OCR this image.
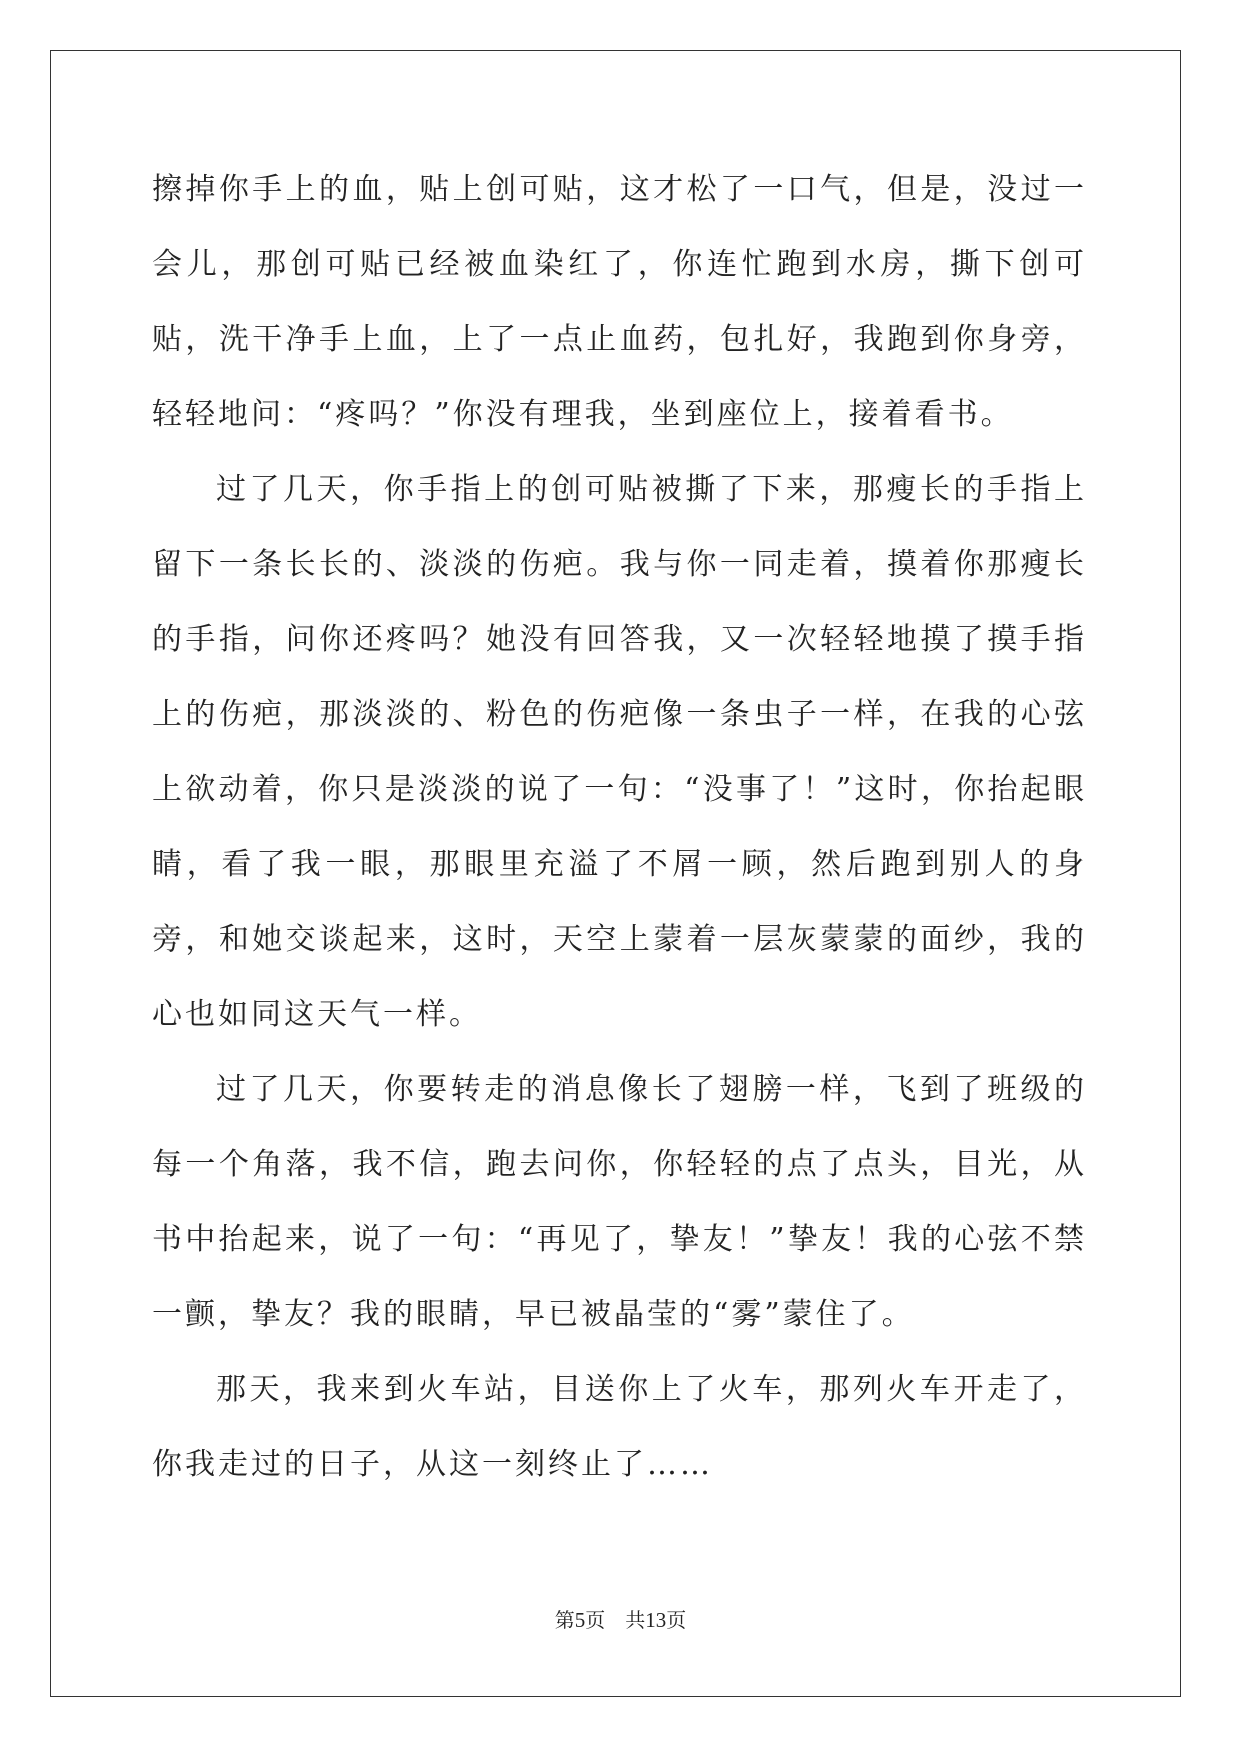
擦掉你手上的血，贴上创可贴，这才松了一口气，但是，没过一会儿，那创可贴已经被血染红了，你连忙跑到水房，撕下创可贴，洗干净手上血，上了一点止血药，包扎好，我跑到你身旁，轻轻地问：“疼吗？”你没有理我，坐到座位上，接着看书。

过了几天，你手指上的创可贴被撕了下来，那瘦长的手指上留下一条长长的、淡淡的伤疤。我与你一同走着，摸着你那瘦长的手指，问你还疼吗？她没有回答我，又一次轻轻地摸了摸手指上的伤疤，那淡淡的、粉色的伤疤像一条虫子一样，在我的心弦上欲动着，你只是淡淡的说了一句：“没事了！”这时，你抬起眼睛，看了我一眼，那眼里充溢了不屑一顾，然后跑到别人的身旁，和她交谈起来，这时，天空上蒙着一层灰蒙蒙的面纱，我的心也如同这天气一样。

过了几天，你要转走的消息像长了翅膀一样，飞到了班级的每一个角落，我不信，跑去问你，你轻轻的点了点头，目光，从书中抬起来，说了一句：“再见了，挚友！”挚友！我的心弦不禁一颤，挚友？我的眼睛，早已被晶莹的“雾”蒙住了。

那天，我来到火车站，目送你上了火车，那列火车开走了，你我走过的日子，从这一刻终止了……

第5页 共13页
